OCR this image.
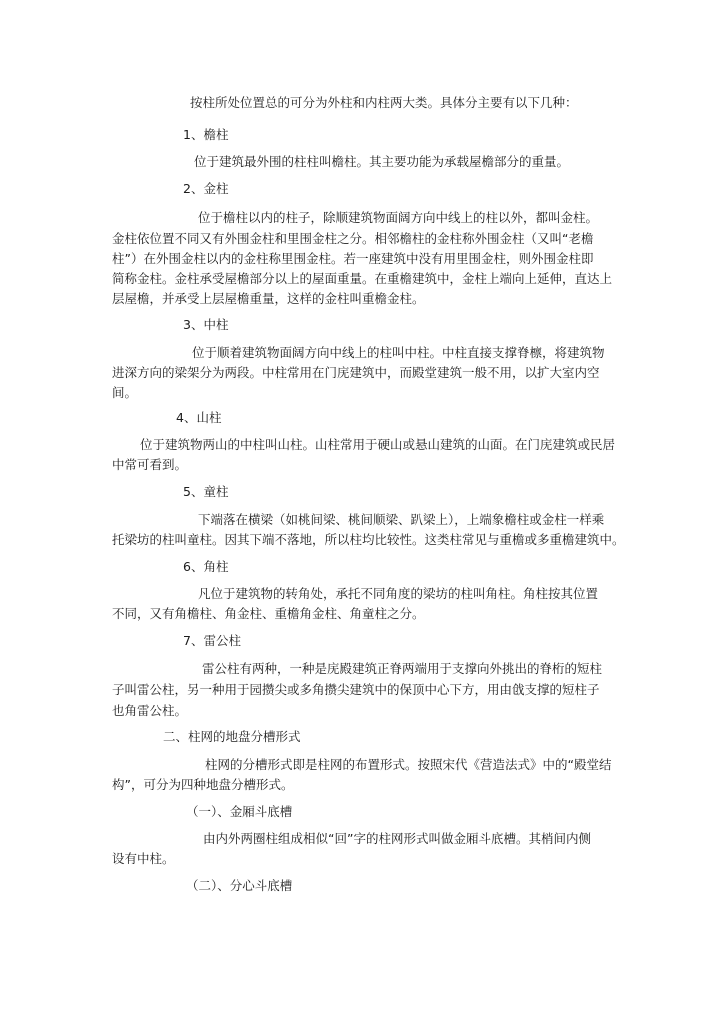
按柱所处位置总的可分为外柱和内柱两大类。具体分主要有以下几种：
1、檐柱
位于建筑最外围的柱柱叫檐柱。其主要功能为承载屋檐部分的重量。
2、金柱
位于檐柱以内的柱子，除顺建筑物面阔方向中线上的柱以外，都叫金柱。
金柱依位置不同又有外围金柱和里围金柱之分。相邻檐柱的金柱称外围金柱（又叫“老檐
柱”）在外围金柱以内的金柱称里围金柱。若一座建筑中没有用里围金柱，则外围金柱即
简称金柱。金柱承受屋檐部分以上的屋面重量。在重檐建筑中，金柱上端向上延伸，直达上
层屋檐，并承受上层屋檐重量，这样的金柱叫重檐金柱。
3、中柱
位于顺着建筑物面阔方向中线上的柱叫中柱。中柱直接支撑脊檩，将建筑物
进深方向的梁架分为两段。中柱常用在门庑建筑中，而殿堂建筑一般不用，以扩大室内空
间。
4、山柱
位于建筑物两山的中柱叫山柱。山柱常用于硬山或悬山建筑的山面。在门庑建筑或民居
中常可看到。
5、童柱
下端落在横梁（如桃间梁、桃间顺梁、趴梁上），上端象檐柱或金柱一样乘
托梁坊的柱叫童柱。因其下端不落地，所以柱均比较性。这类柱常见与重檐或多重檐建筑中。
6、角柱
凡位于建筑物的转角处，承托不同角度的梁坊的柱叫角柱。角柱按其位置
不同，又有角檐柱、角金柱、重檐角金柱、角童柱之分。
7、雷公柱
雷公柱有两种，一种是庑殿建筑正脊两端用于支撑向外挑出的脊桁的短柱
子叫雷公柱，另一种用于园攒尖或多角攒尖建筑中的保顶中心下方，用由戗支撑的短柱子
也角雷公柱。
二、柱网的地盘分槽形式
柱网的分槽形式即是柱网的布置形式。按照宋代《营造法式》中的“殿堂结
构”，可分为四种地盘分槽形式。
（一）、金厢斗底槽
由内外两圈柱组成相似“回”字的柱网形式叫做金厢斗底槽。其梢间内侧
设有中柱。
（二）、分心斗底槽
